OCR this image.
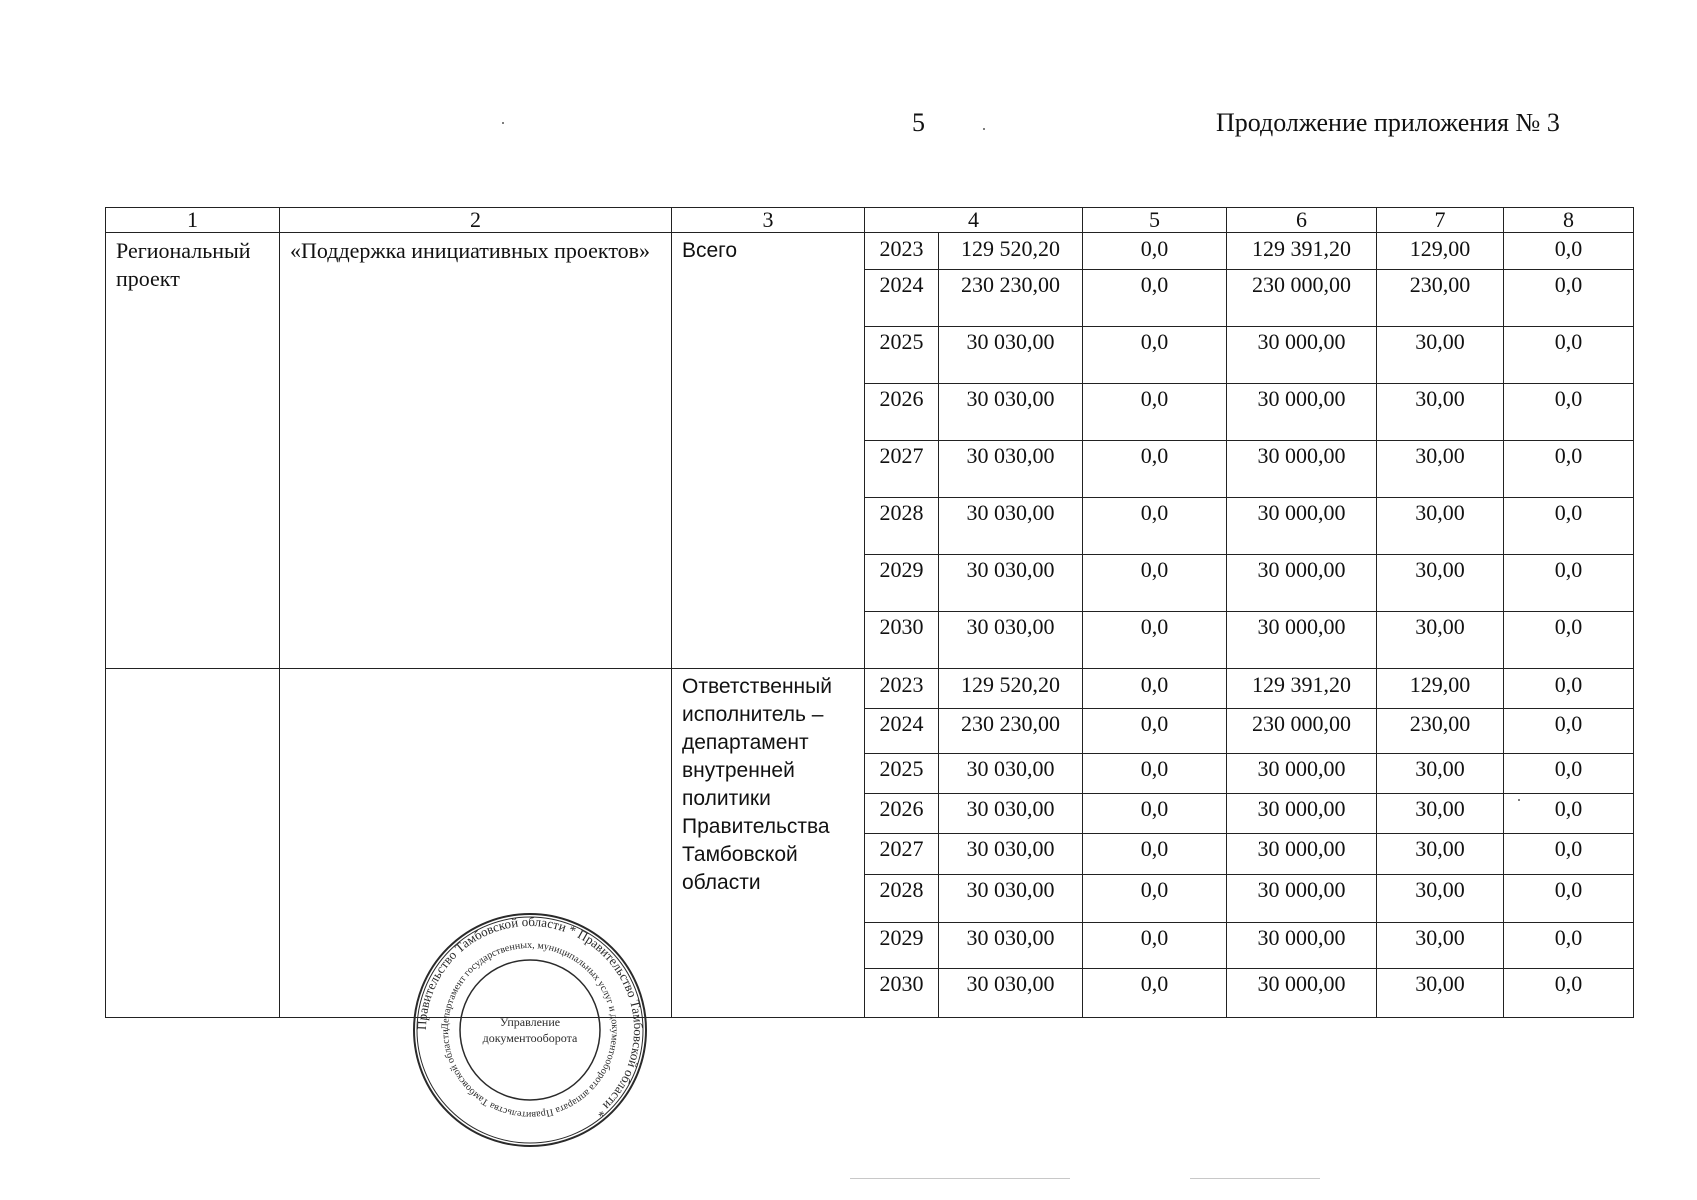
5	Продолжение приложения № 3
1	2	3	4		5	6	7	8
Региональный проект	«Поддержка инициативных проектов»	Всего	2023	129 520,20	0,0	129 391,20	129,00	0,0
			2024	230 230,00	0,0	230 000,00	230,00	0,0
			2025	30 030,00	0,0	30 000,00	30,00	0,0
			2026	30 030,00	0,0	30 000,00	30,00	0,0
			2027	30 030,00	0,0	30 000,00	30,00	0,0
			2028	30 030,00	0,0	30 000,00	30,00	0,0
			2029	30 030,00	0,0	30 000,00	30,00	0,0
			2030	30 030,00	0,0	30 000,00	30,00	0,0
		Ответственный исполнитель – департамент внутренней политики Правительства Тамбовской области	2023	129 520,20	0,0	129 391,20	129,00	0,0
			2024	230 230,00	0,0	230 000,00	230,00	0,0
			2025	30 030,00	0,0	30 000,00	30,00	0,0
			2026	30 030,00	0,0	30 000,00	30,00	0,0
			2027	30 030,00	0,0	30 000,00	30,00	0,0
			2028	30 030,00	0,0	30 000,00	30,00	0,0
			2029	30 030,00	0,0	30 000,00	30,00	0,0
			2030	30 030,00	0,0	30 000,00	30,00	0,0
Правительство Тамбовской области * Правительство Тамбовской области *
Департамент государственных, муниципальных услуг и документооборота аппарата Правительства Тамбовской области
Управление
документооборота
